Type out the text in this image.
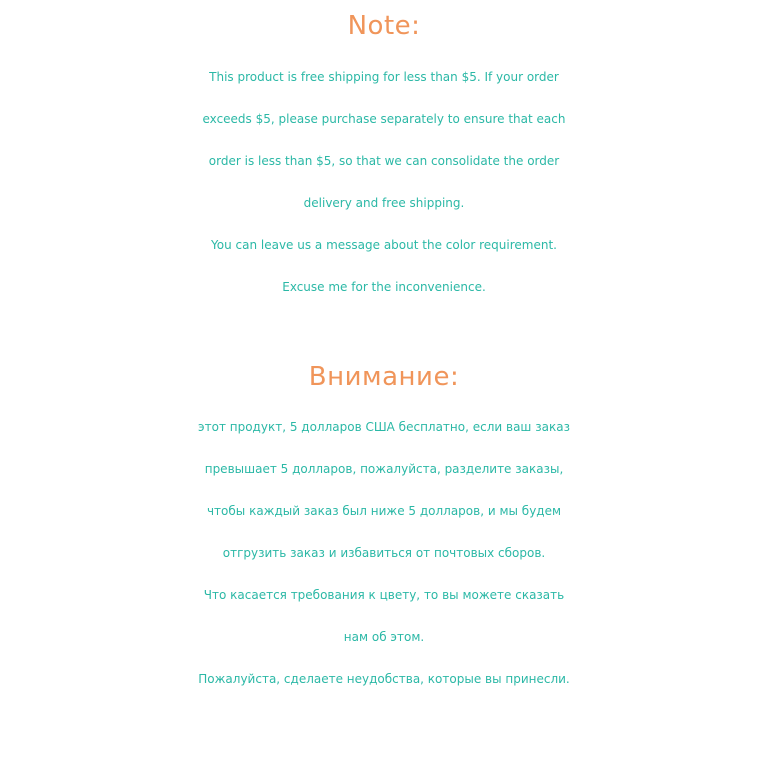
Note:
This product is free shipping for less than $5. If your order
exceeds $5, please purchase separately to ensure that each
order is less than $5, so that we can consolidate the order
delivery and free shipping.
You can leave us a message about the color requirement.
Excuse me for the inconvenience.
Внимание:
этот продукт, 5 долларов США бесплатно, если ваш заказ
превышает 5 долларов, пожалуйста, разделите заказы,
чтобы каждый заказ был ниже 5 долларов, и мы будем
отгрузить заказ и избавиться от почтовых сборов.
Что касается требования к цвету, то вы можете сказать
нам об этом.
Пожалуйста, сделаете неудобства, которые вы принесли.
